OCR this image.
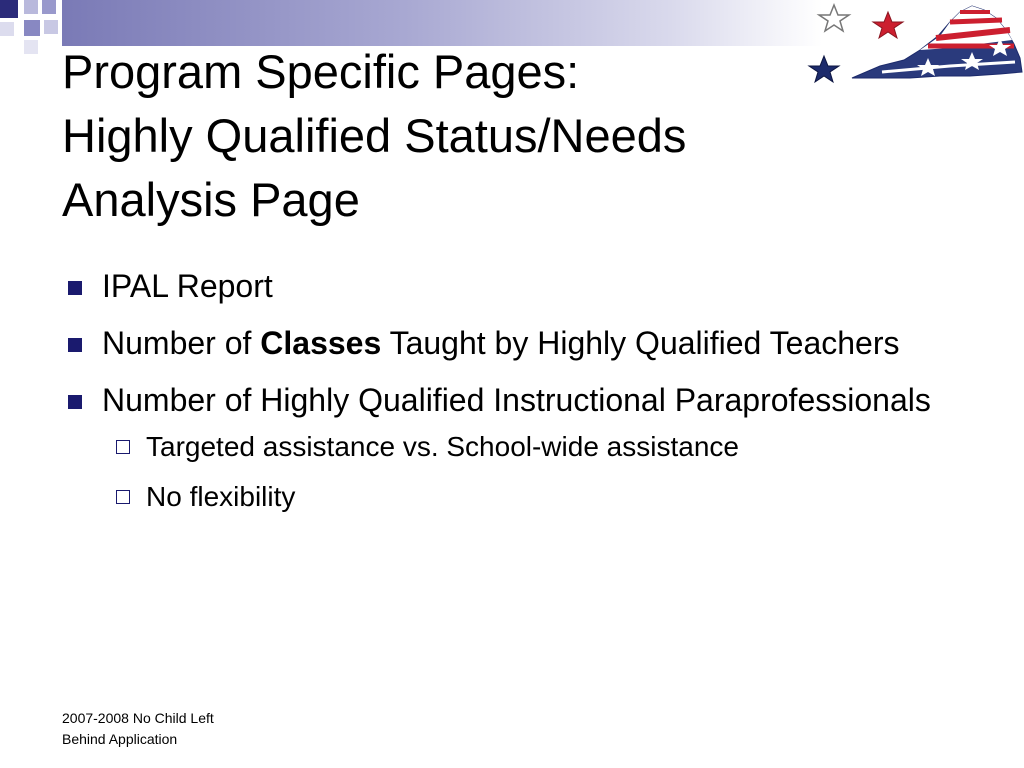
Program Specific Pages:
Highly Qualified Status/Needs
Analysis Page
IPAL Report
Number of Classes Taught by Highly Qualified Teachers
Number of Highly Qualified Instructional Paraprofessionals
Targeted assistance vs. School-wide assistance
No flexibility
2007-2008 No Child Left
Behind Application
